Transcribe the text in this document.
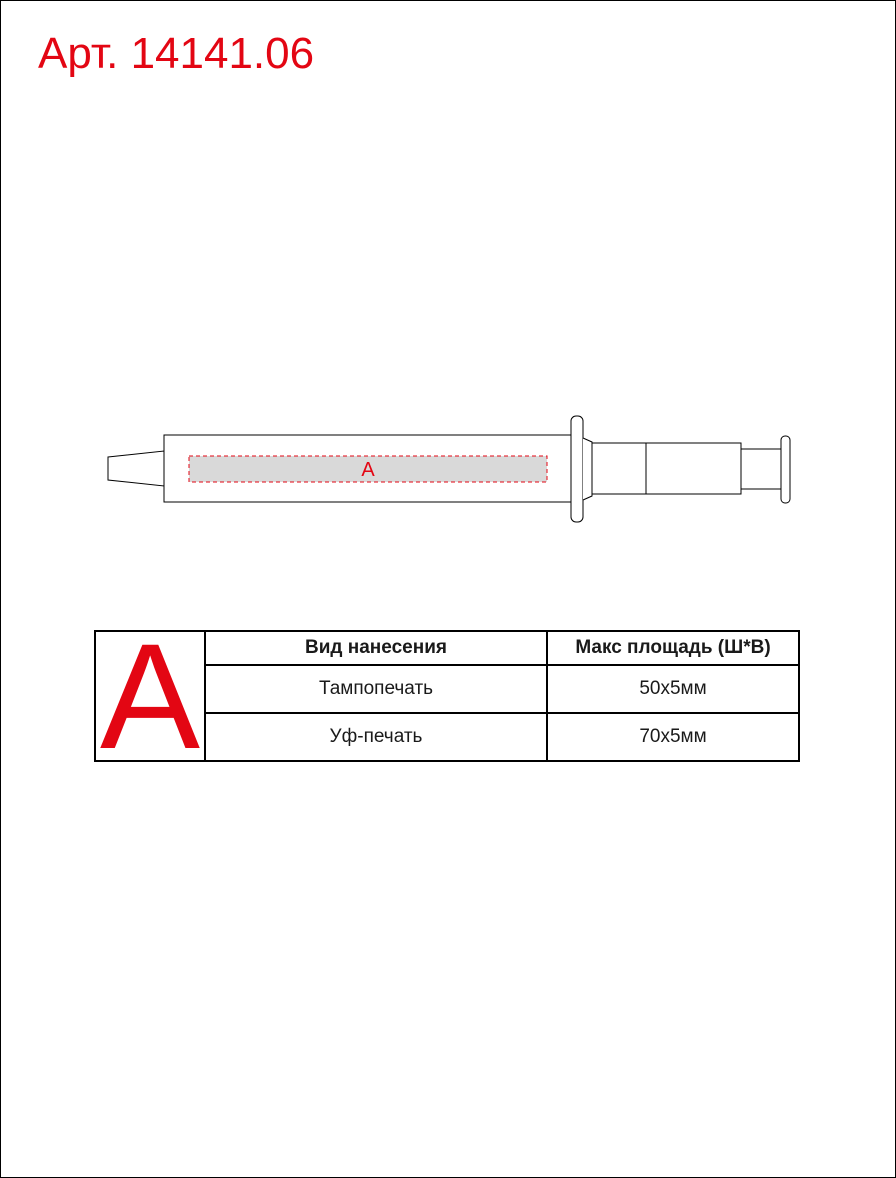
Арт. 14141.06
A
A	Вид нанесения	Макс площадь (Ш*В)
	Тампопечать	50x5мм
	Уф-печать	70x5мм
